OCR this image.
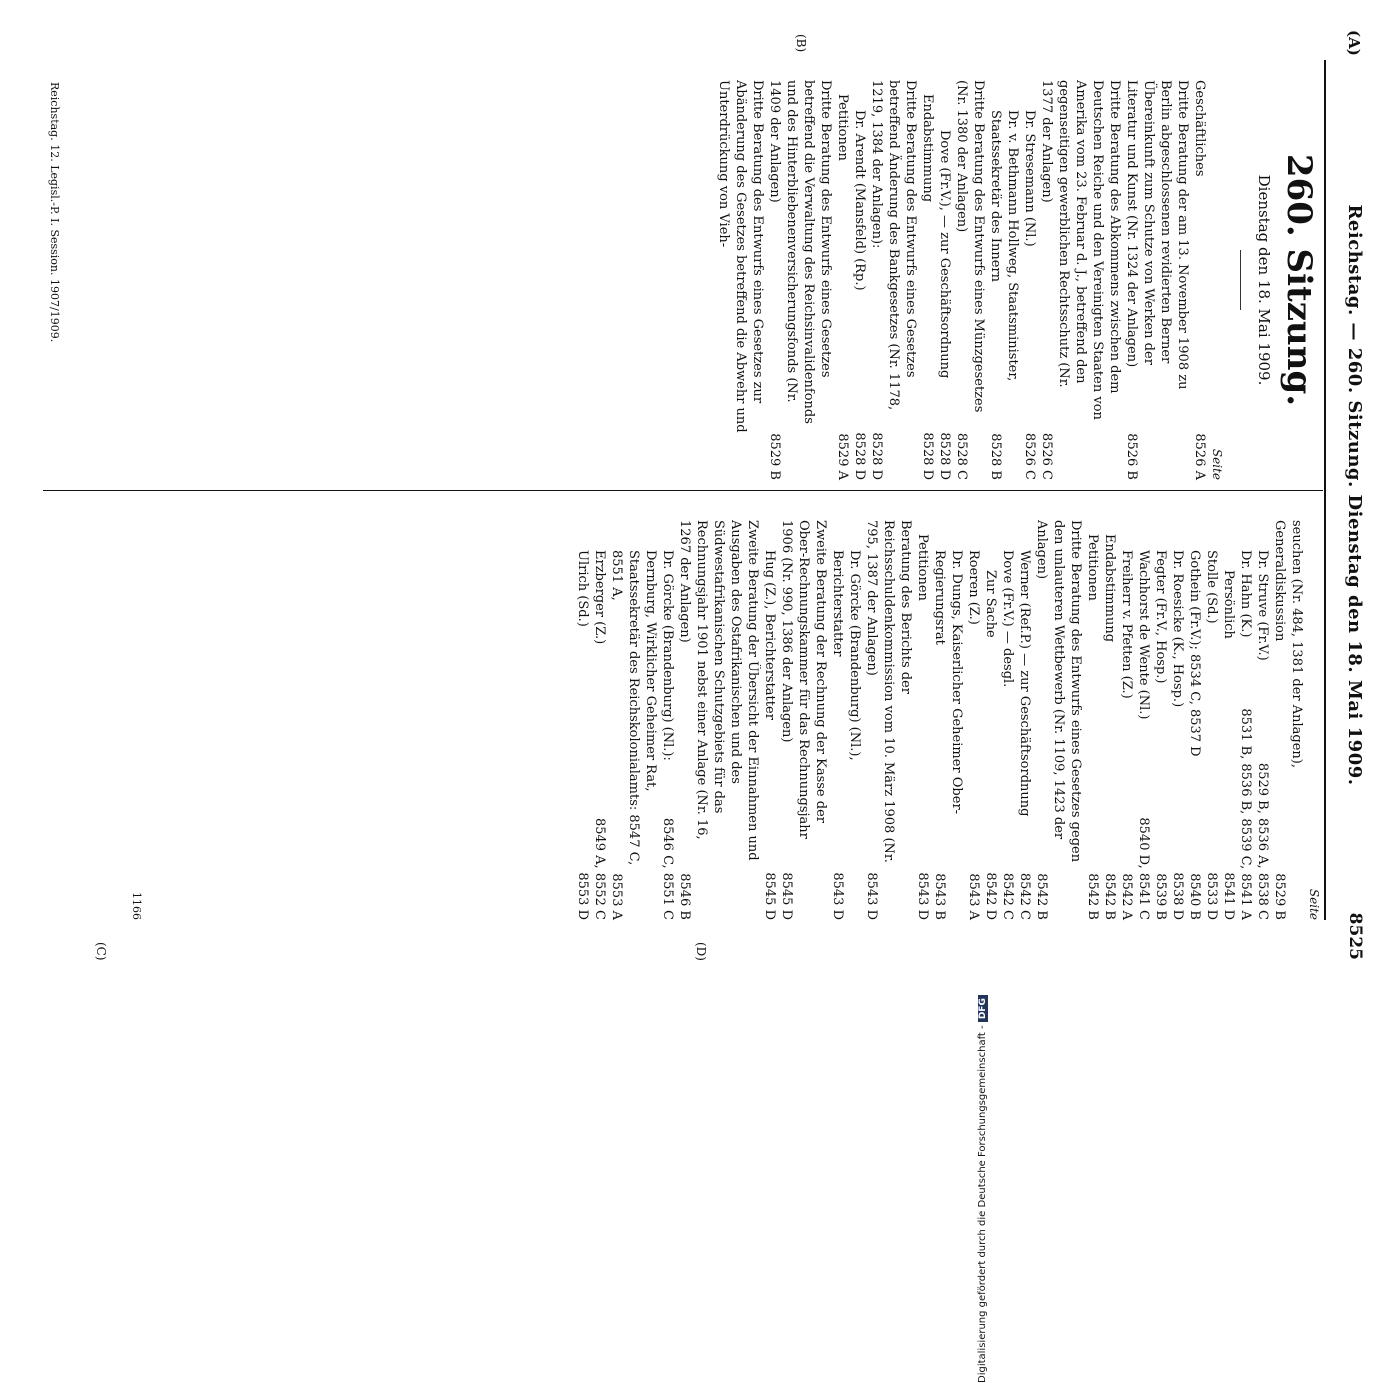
(A)
Reichstag. — 260. Sitzung. Dienstag den 18. Mai 1909.
8525
(B)
(C)	(D)
260. Sitzung.
Dienstag den 18. Mai 1909.
Seite
Geschäftliches
8526 A
Dritte Beratung der am 13. November 1908 zu Berlin abgeschlossenen revidierten Berner Übereinkunft zum Schutze von Werken der Literatur und Kunst (Nr. 1324 der Anlagen)
8526 B
Dritte Beratung des Abkommens zwischen dem Deutschen Reiche und den Vereinigten Staaten von Amerika vom 23. Februar d. J., betreffend den gegenseitigen gewerblichen Rechtsschutz (Nr. 1377 der Anlagen)
8526 C
Dr. Stresemann (Nl.)
8526 C
Dr. v. Bethmann Hollweg, Staatsminister, Staatssekretär des Innern
8528 B
Dritte Beratung des Entwurfs eines Münzgesetzes (Nr. 1380 der Anlagen)
8528 C
Dove (Fr.V.), — zur Geschäftsordnung
8528 D
Endabstimmung
8528 D
Dritte Beratung des Entwurfs eines Gesetzes betreffend Änderung des Bankgesetzes (Nr. 1178, 1219, 1384 der Anlagen):
8528 D
Dr. Arendt (Mansfeld) (Rp.)
8528 D
Petitionen
8529 A
Dritte Beratung des Entwurfs eines Gesetzes betreffend die Verwaltung des Reichsinvalidenfonds und des Hinterbliebenenversicherungsfonds (Nr. 1409 der Anlagen)
8529 B
Dritte Beratung des Entwurfs eines Gesetzes zur Abänderung des Gesetzes betreffend die Abwehr und Unterdrückung von Vieh-
Reichstag. 12. Legisl.-P. I. Session. 1907/1909.
Seite
seuchen (Nr. 484, 1381 der Anlagen), Generaldiskussion
8529 B
Dr. Struve (Fr.V.)
8529 B, 8536 A, 8538 C
Dr. Hahn (K.)
8531 B, 8536 B, 8539 C, 8541 A
Persönlich
8541 D
Stolle (Sd.)
8533 D
Gothein (Fr.V.); 8534 C, 8537 D
8540 B
Dr. Roesicke (K., Hosp.)
8538 D
Fegter (Fr.V., Hosp.)
8539 B
Wachhorst de Wente (Nl.)
8540 D, 8541 C
Freiherr v. Pfetten (Z.)
8542 A
Endabstimmung
8542 B
Petitionen
8542 B
Dritte Beratung des Entwurfs eines Gesetzes gegen den unlauteren Wettbewerb (Nr. 1109, 1423 der Anlagen)
8542 B
Werner (Ref.P.) — zur Geschäftsordnung
8542 C
Dove (Fr.V.) — desgl.
8542 C
Zur Sache
8542 D
Roeren (Z.)
8543 A
Dr. Dungs, Kaiserlicher Geheimer Ober-Regierungsrat
8543 B
Petitionen
8543 D
Beratung des Berichts der Reichsschuldenkommission vom 10. März 1908 (Nr. 795, 1387 der Anlagen)
8543 D
Dr. Görcke (Brandenburg) (Nl.), Berichterstatter
8543 D
Zweite Beratung der Rechnung der Kasse der Ober-Rechnungskammer für das Rechnungsjahr 1906 (Nr. 990, 1386 der Anlagen)
8545 D
Hug (Z.), Berichterstatter
8545 D
Zweite Beratung der Übersicht der Einnahmen und Ausgaben des Ostafrikanischen und des Südwestafrikanischen Schutzgebiets für das Rechnungsjahr 1901 nebst einer Anlage (Nr. 16, 1267 der Anlagen)
8546 B
Dr. Görcke (Brandenburg) (Nl.):
8546 C, 8551 C
Dernburg, Wirklicher Geheimer Rat, Staatssekretär des Reichskolonialamts: 8547 C, 8551 A,
8553 A
Erzberger (Z.)
8549 A, 8552 C
Ulrich (Sd.)
8553 D
1166
Digitalisierung gefördert durch die Deutsche Forschungsgemeinschaft - DFG
